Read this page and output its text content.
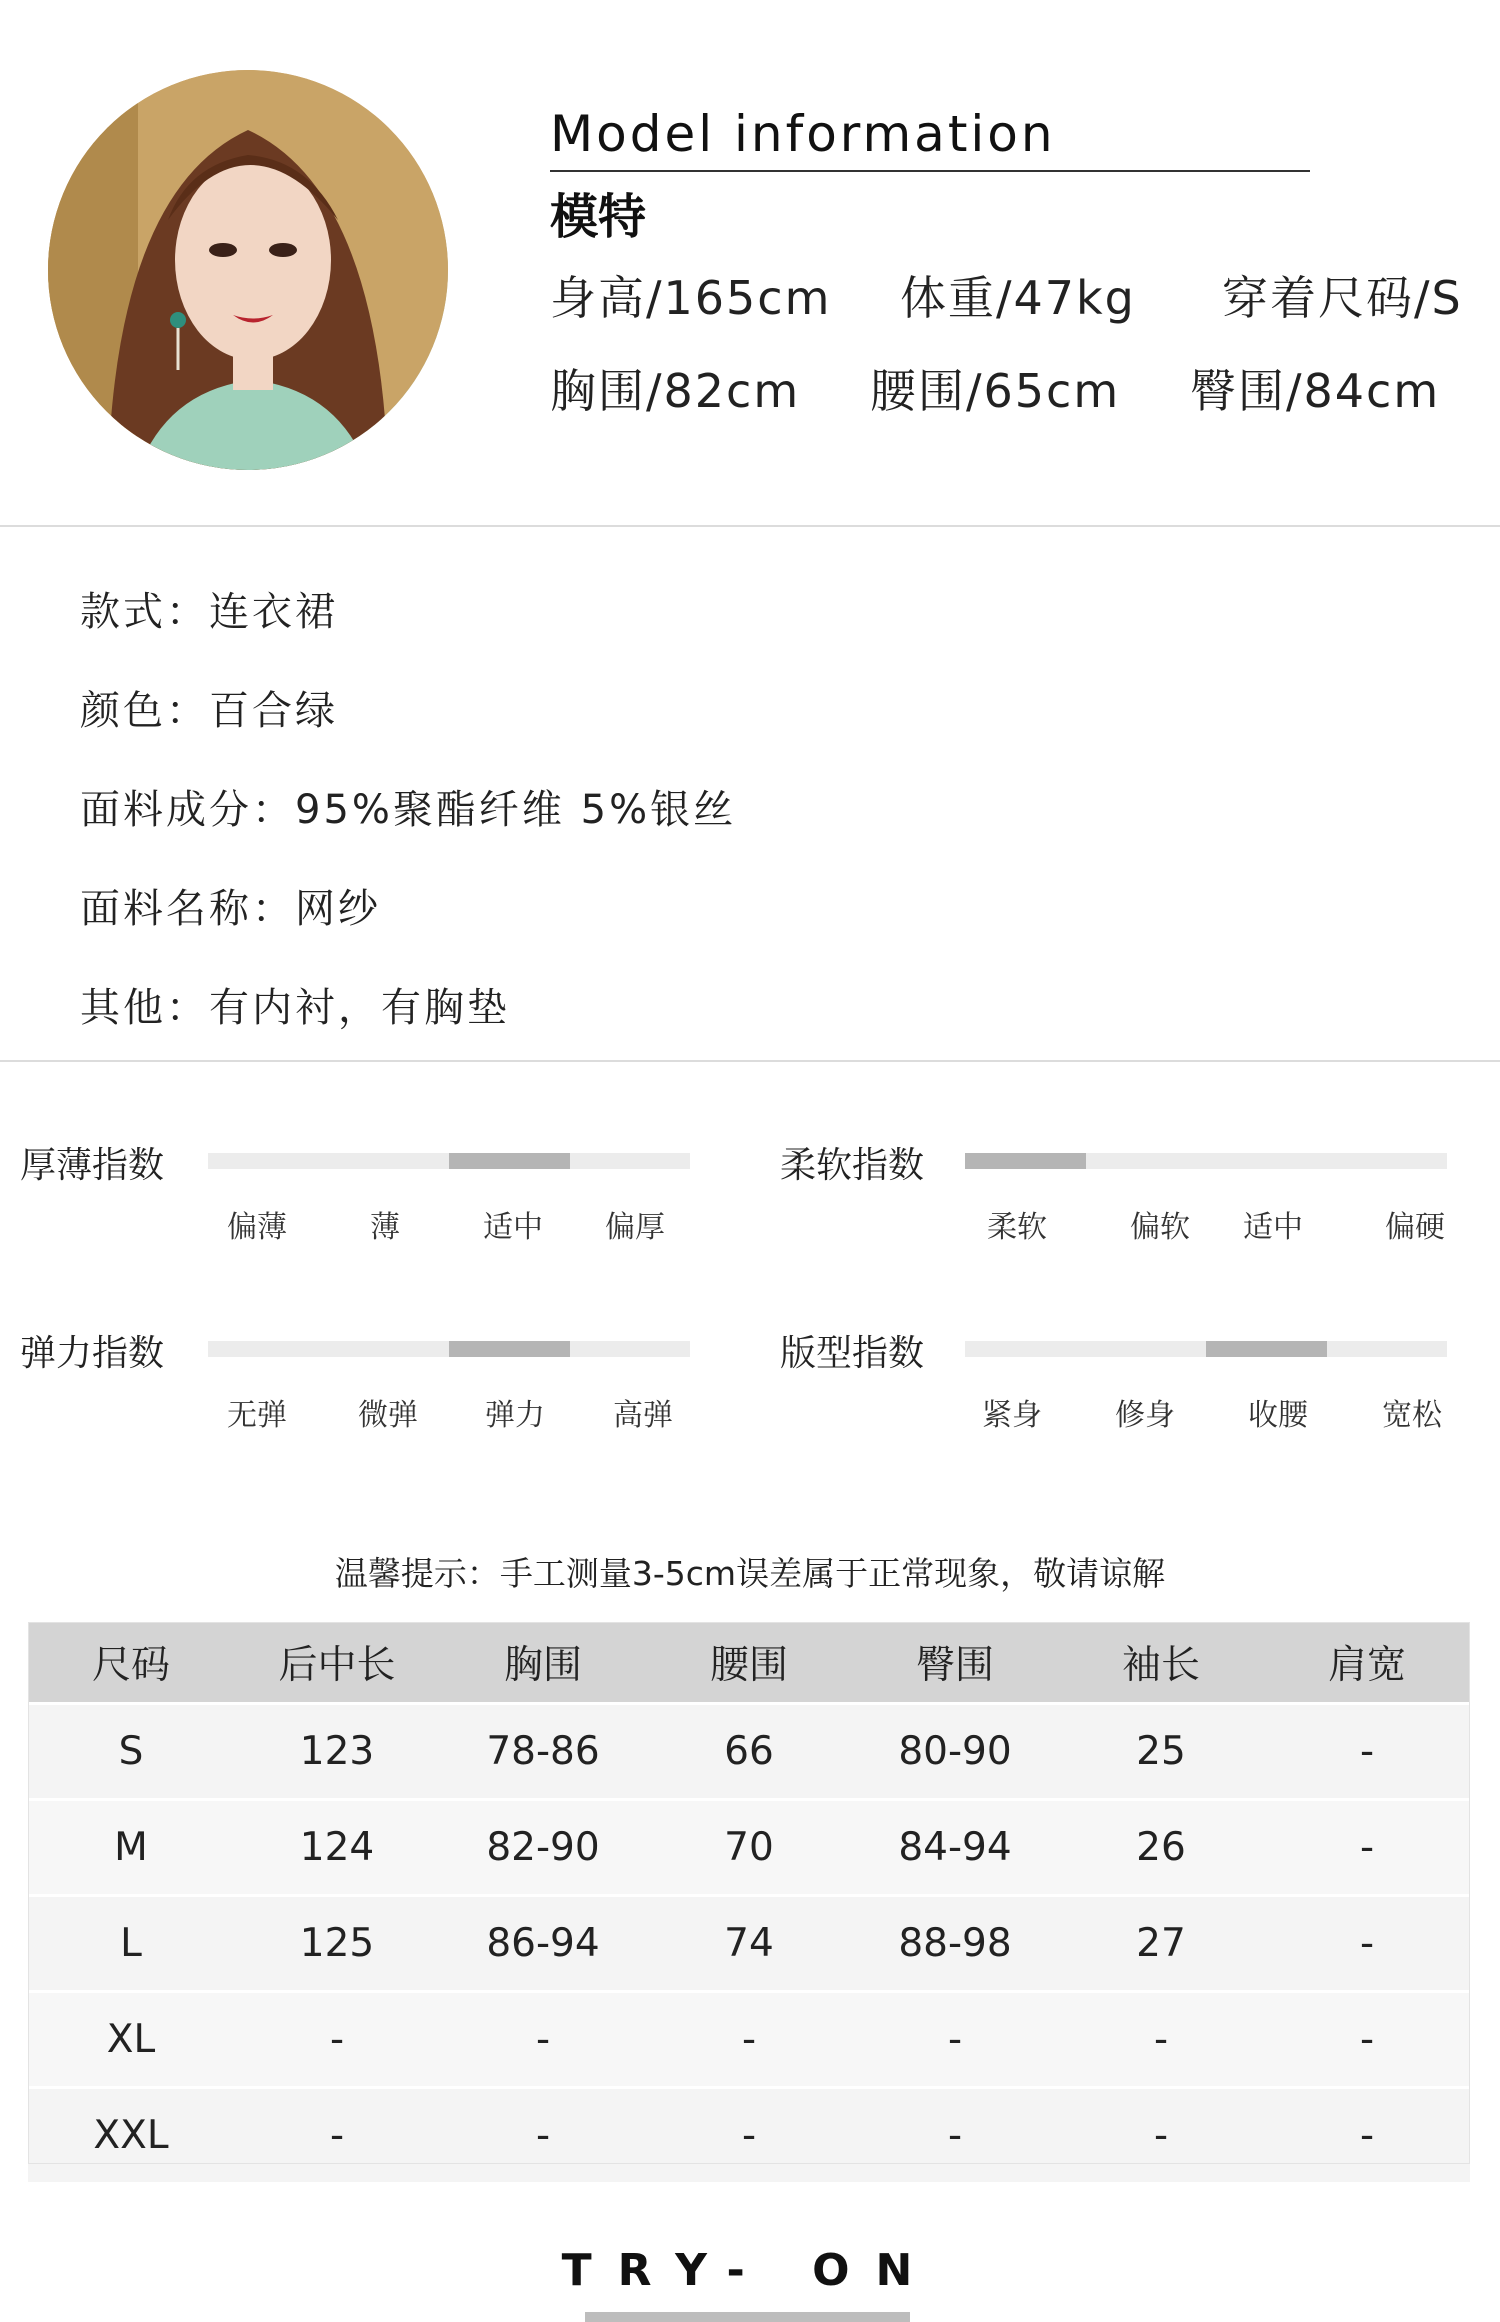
Model information
模特
身高/165cm 体重/47kg 穿着尺码/S
胸围/82cm 腰围/65cm 臀围/84cm
款式：连衣裙
颜色：百合绿
面料成分：95%聚酯纤维 5%银丝
面料名称：网纱
其他：有内衬，有胸垫
厚薄指数
偏薄	薄	适中	偏厚
柔软指数
柔软	偏软	适中	偏硬
弹力指数
无弹	微弹	弹力	高弹
版型指数
紧身	修身	收腰	宽松
温馨提示：手工测量3-5cm误差属于正常现象，敬请谅解
尺码	后中长	胸围	腰围	臀围	袖长	肩宽
S	123	78-86	66	80-90	25	-
M	124	82-90	70	84-94	26	-
L	125	86-94	74	88-98	27	-
XL	-	-	-	-	-	-
XXL	-	-	-	-	-	-
TRY- ON
